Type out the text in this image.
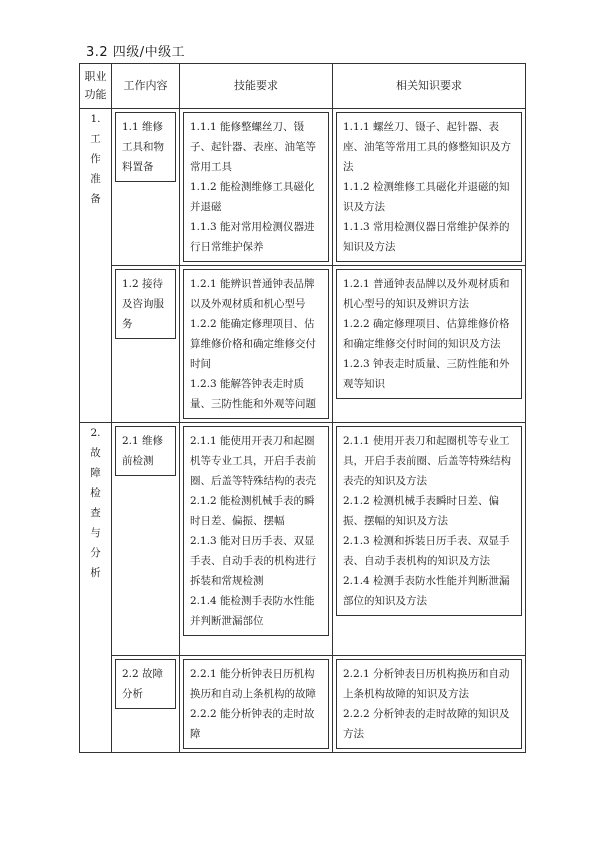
3.2 四级/中级工
职业
功能	工作内容	技能要求	相关知识要求

1. 工作准备	1.1 维修工具和物料置备	1.1.1 能修整螺丝刀、镊子、起针器、表座、油笔等常用工具
1.1.2 能检测维修工具磁化并退磁
1.1.3 能对常用检测仪器进行日常维护保养	1.1.1 螺丝刀、镊子、起针器、表座、油笔等常用工具的修整知识及方法
1.1.2 检测维修工具磁化并退磁的知识及方法
1.1.3 常用检测仪器日常维护保养的知识及方法

	1.2 接待及咨询服务	1.2.1 能辨识普通钟表品牌以及外观材质和机心型号
1.2.2 能确定修理项目、估算维修价格和确定维修交付时间
1.2.3 能解答钟表走时质量、三防性能和外观等问题	1.2.1 普通钟表品牌以及外观材质和机心型号的知识及辨识方法
1.2.2 确定修理项目、估算维修价格和确定维修交付时间的知识及方法
1.2.3 钟表走时质量、三防性能和外观等知识

2. 故障检查与分析	2.1 维修前检测	2.1.1 能使用开表刀和起圈机等专业工具，开启手表前圈、后盖等特殊结构的表壳
2.1.2 能检测机械手表的瞬时日差、偏振、摆幅
2.1.3 能对日历手表、双显手表、自动手表的机构进行拆装和常规检测
2.1.4 能检测手表防水性能并判断泄漏部位	2.1.1 使用开表刀和起圈机等专业工具，开启手表前圈、后盖等特殊结构表壳的知识及方法
2.1.2 检测机械手表瞬时日差、偏振、摆幅的知识及方法
2.1.3 检测和拆装日历手表、双显手表、自动手表机构的知识及方法
2.1.4 检测手表防水性能并判断泄漏部位的知识及方法

	2.2 故障分析	2.2.1 能分析钟表日历机构换历和自动上条机构的故障
2.2.2 能分析钟表的走时故障	2.2.1 分析钟表日历机构换历和自动上条机构故障的知识及方法
2.2.2 分析钟表的走时故障的知识及方法
